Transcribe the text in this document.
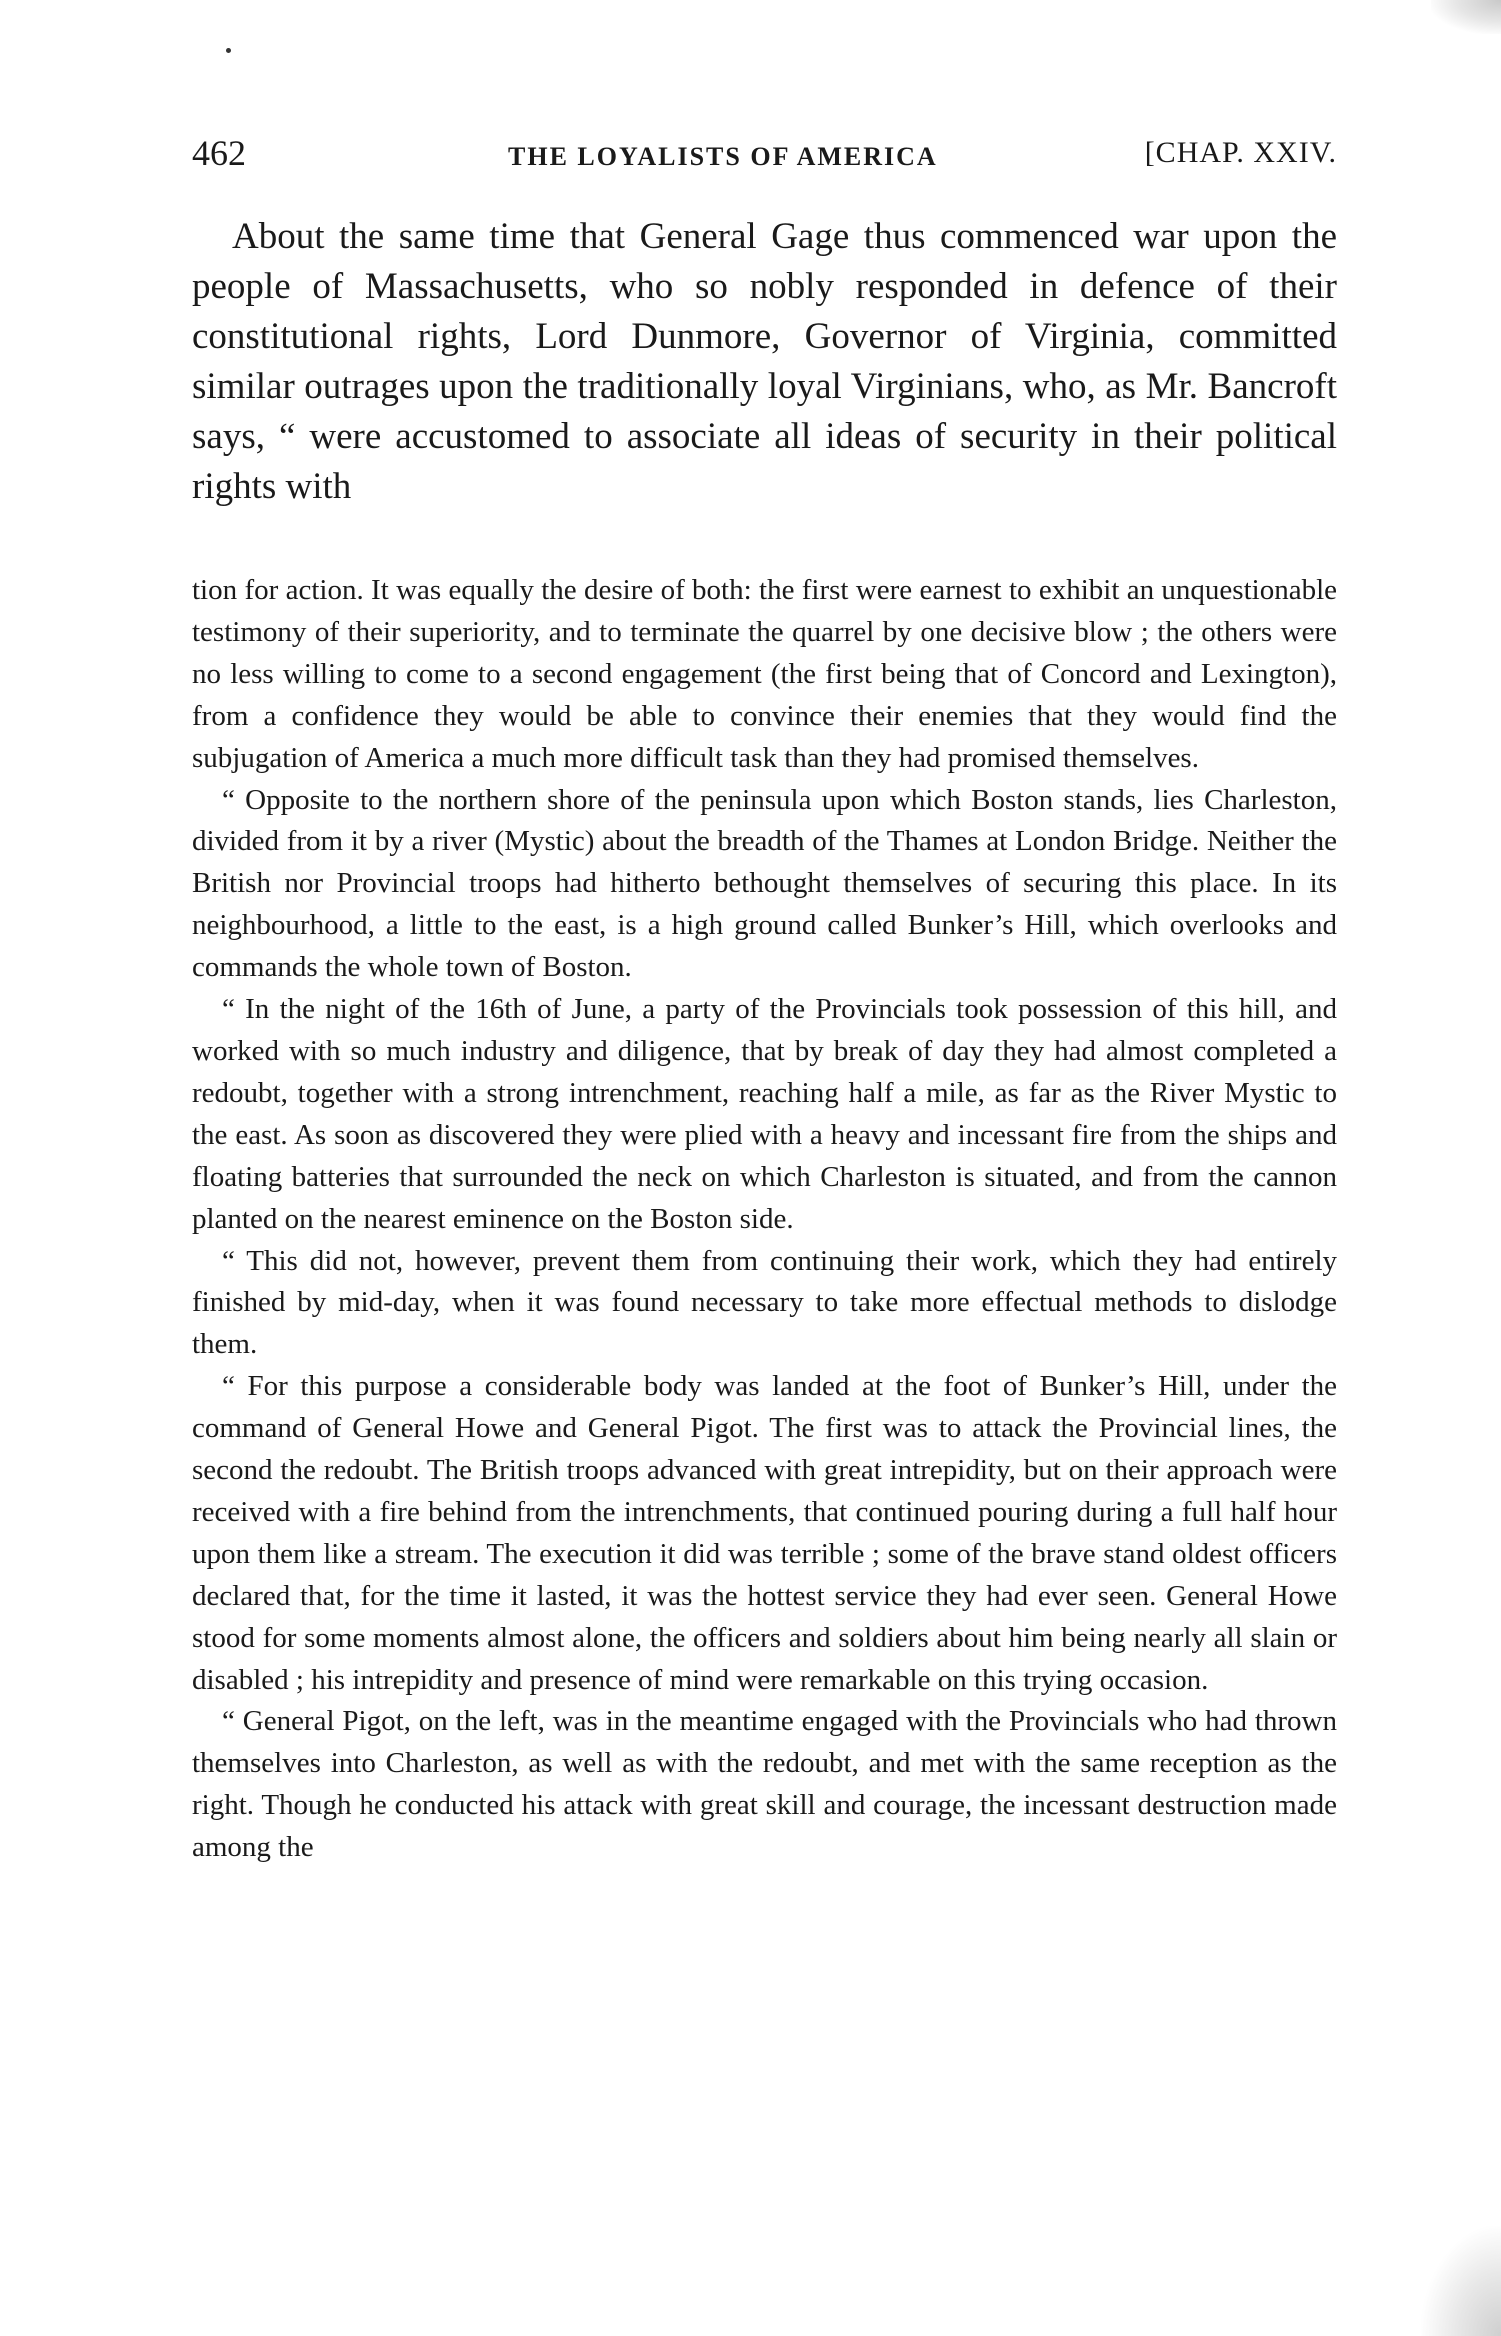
462	THE LOYALISTS OF AMERICA	[CHAP. XXIV.

About the same time that General Gage thus commenced war upon the people of Massachusetts, who so nobly responded in defence of their constitutional rights, Lord Dunmore, Governor of Virginia, committed similar outrages upon the traditionally loyal Virginians, who, as Mr. Bancroft says, “ were accustomed to associate all ideas of security in their political rights with

tion for action. It was equally the desire of both: the first were earnest to exhibit an unquestionable testimony of their superiority, and to terminate the quarrel by one decisive blow ; the others were no less willing to come to a second engagement (the first being that of Concord and Lexington), from a confidence they would be able to convince their enemies that they would find the subjugation of America a much more difficult task than they had promised themselves.

“ Opposite to the northern shore of the peninsula upon which Boston stands, lies Charleston, divided from it by a river (Mystic) about the breadth of the Thames at London Bridge. Neither the British nor Provincial troops had hitherto bethought themselves of securing this place. In its neighbourhood, a little to the east, is a high ground called Bunker’s Hill, which overlooks and commands the whole town of Boston.

“ In the night of the 16th of June, a party of the Provincials took possession of this hill, and worked with so much industry and diligence, that by break of day they had almost completed a redoubt, together with a strong intrenchment, reaching half a mile, as far as the River Mystic to the east. As soon as discovered they were plied with a heavy and incessant fire from the ships and floating batteries that surrounded the neck on which Charleston is situated, and from the cannon planted on the nearest eminence on the Boston side.

“ This did not, however, prevent them from continuing their work, which they had entirely finished by mid-day, when it was found necessary to take more effectual methods to dislodge them.

“ For this purpose a considerable body was landed at the foot of Bunker’s Hill, under the command of General Howe and General Pigot. The first was to attack the Provincial lines, the second the redoubt. The British troops advanced with great intrepidity, but on their approach were received with a fire behind from the intrenchments, that continued pouring during a full half hour upon them like a stream. The execution it did was terrible ; some of the brave stand oldest officers declared that, for the time it lasted, it was the hottest service they had ever seen. General Howe stood for some moments almost alone, the officers and soldiers about him being nearly all slain or disabled ; his intrepidity and presence of mind were remarkable on this trying occasion.

“ General Pigot, on the left, was in the meantime engaged with the Provincials who had thrown themselves into Charleston, as well as with the redoubt, and met with the same reception as the right. Though he conducted his attack with great skill and courage, the incessant destruction made among the
